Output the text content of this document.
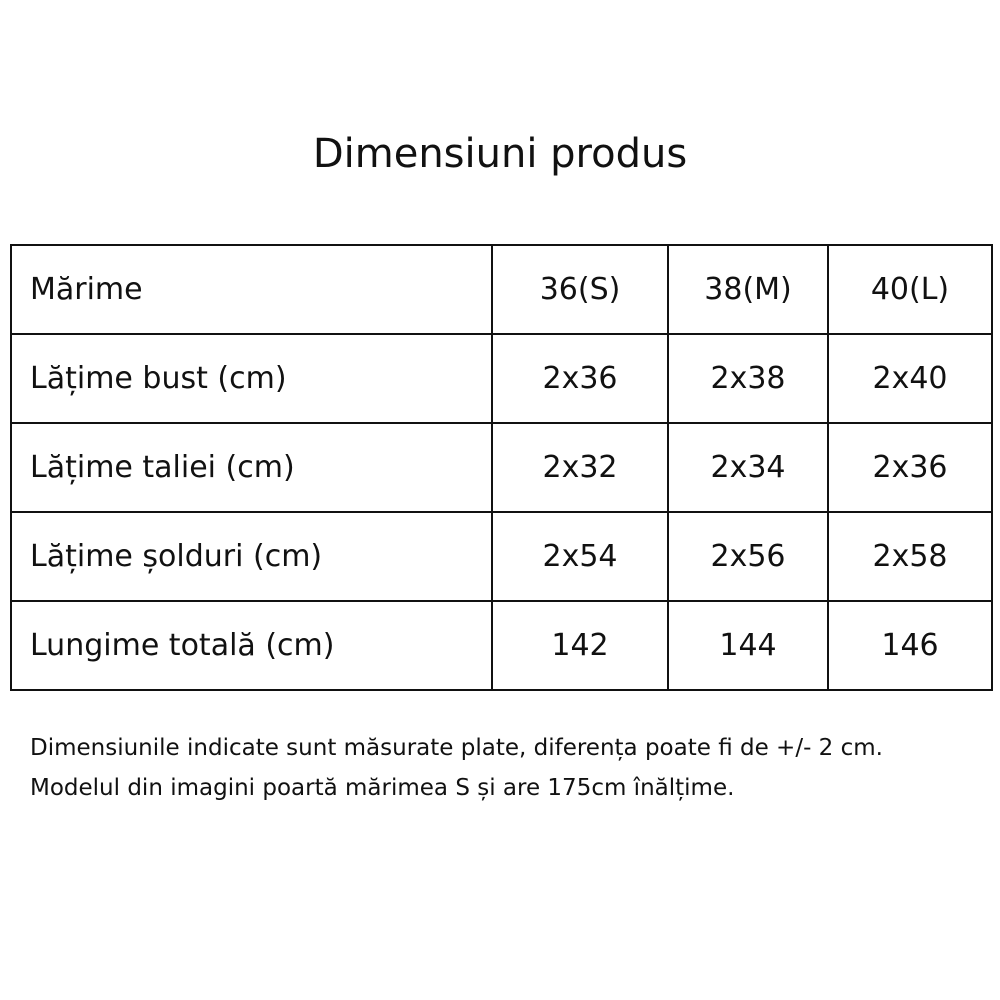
Dimensiuni produs
Mărime	36(S)	38(M)	40(L)
Lățime bust (cm)	2x36	2x38	2x40
Lățime taliei (cm)	2x32	2x34	2x36
Lățime șolduri (cm)	2x54	2x56	2x58
Lungime totală (cm)	142	144	146

Dimensiunile indicate sunt măsurate plate, diferența poate fi de +/- 2 cm.

Modelul din imagini poartă mărimea S și are 175cm înălțime.
